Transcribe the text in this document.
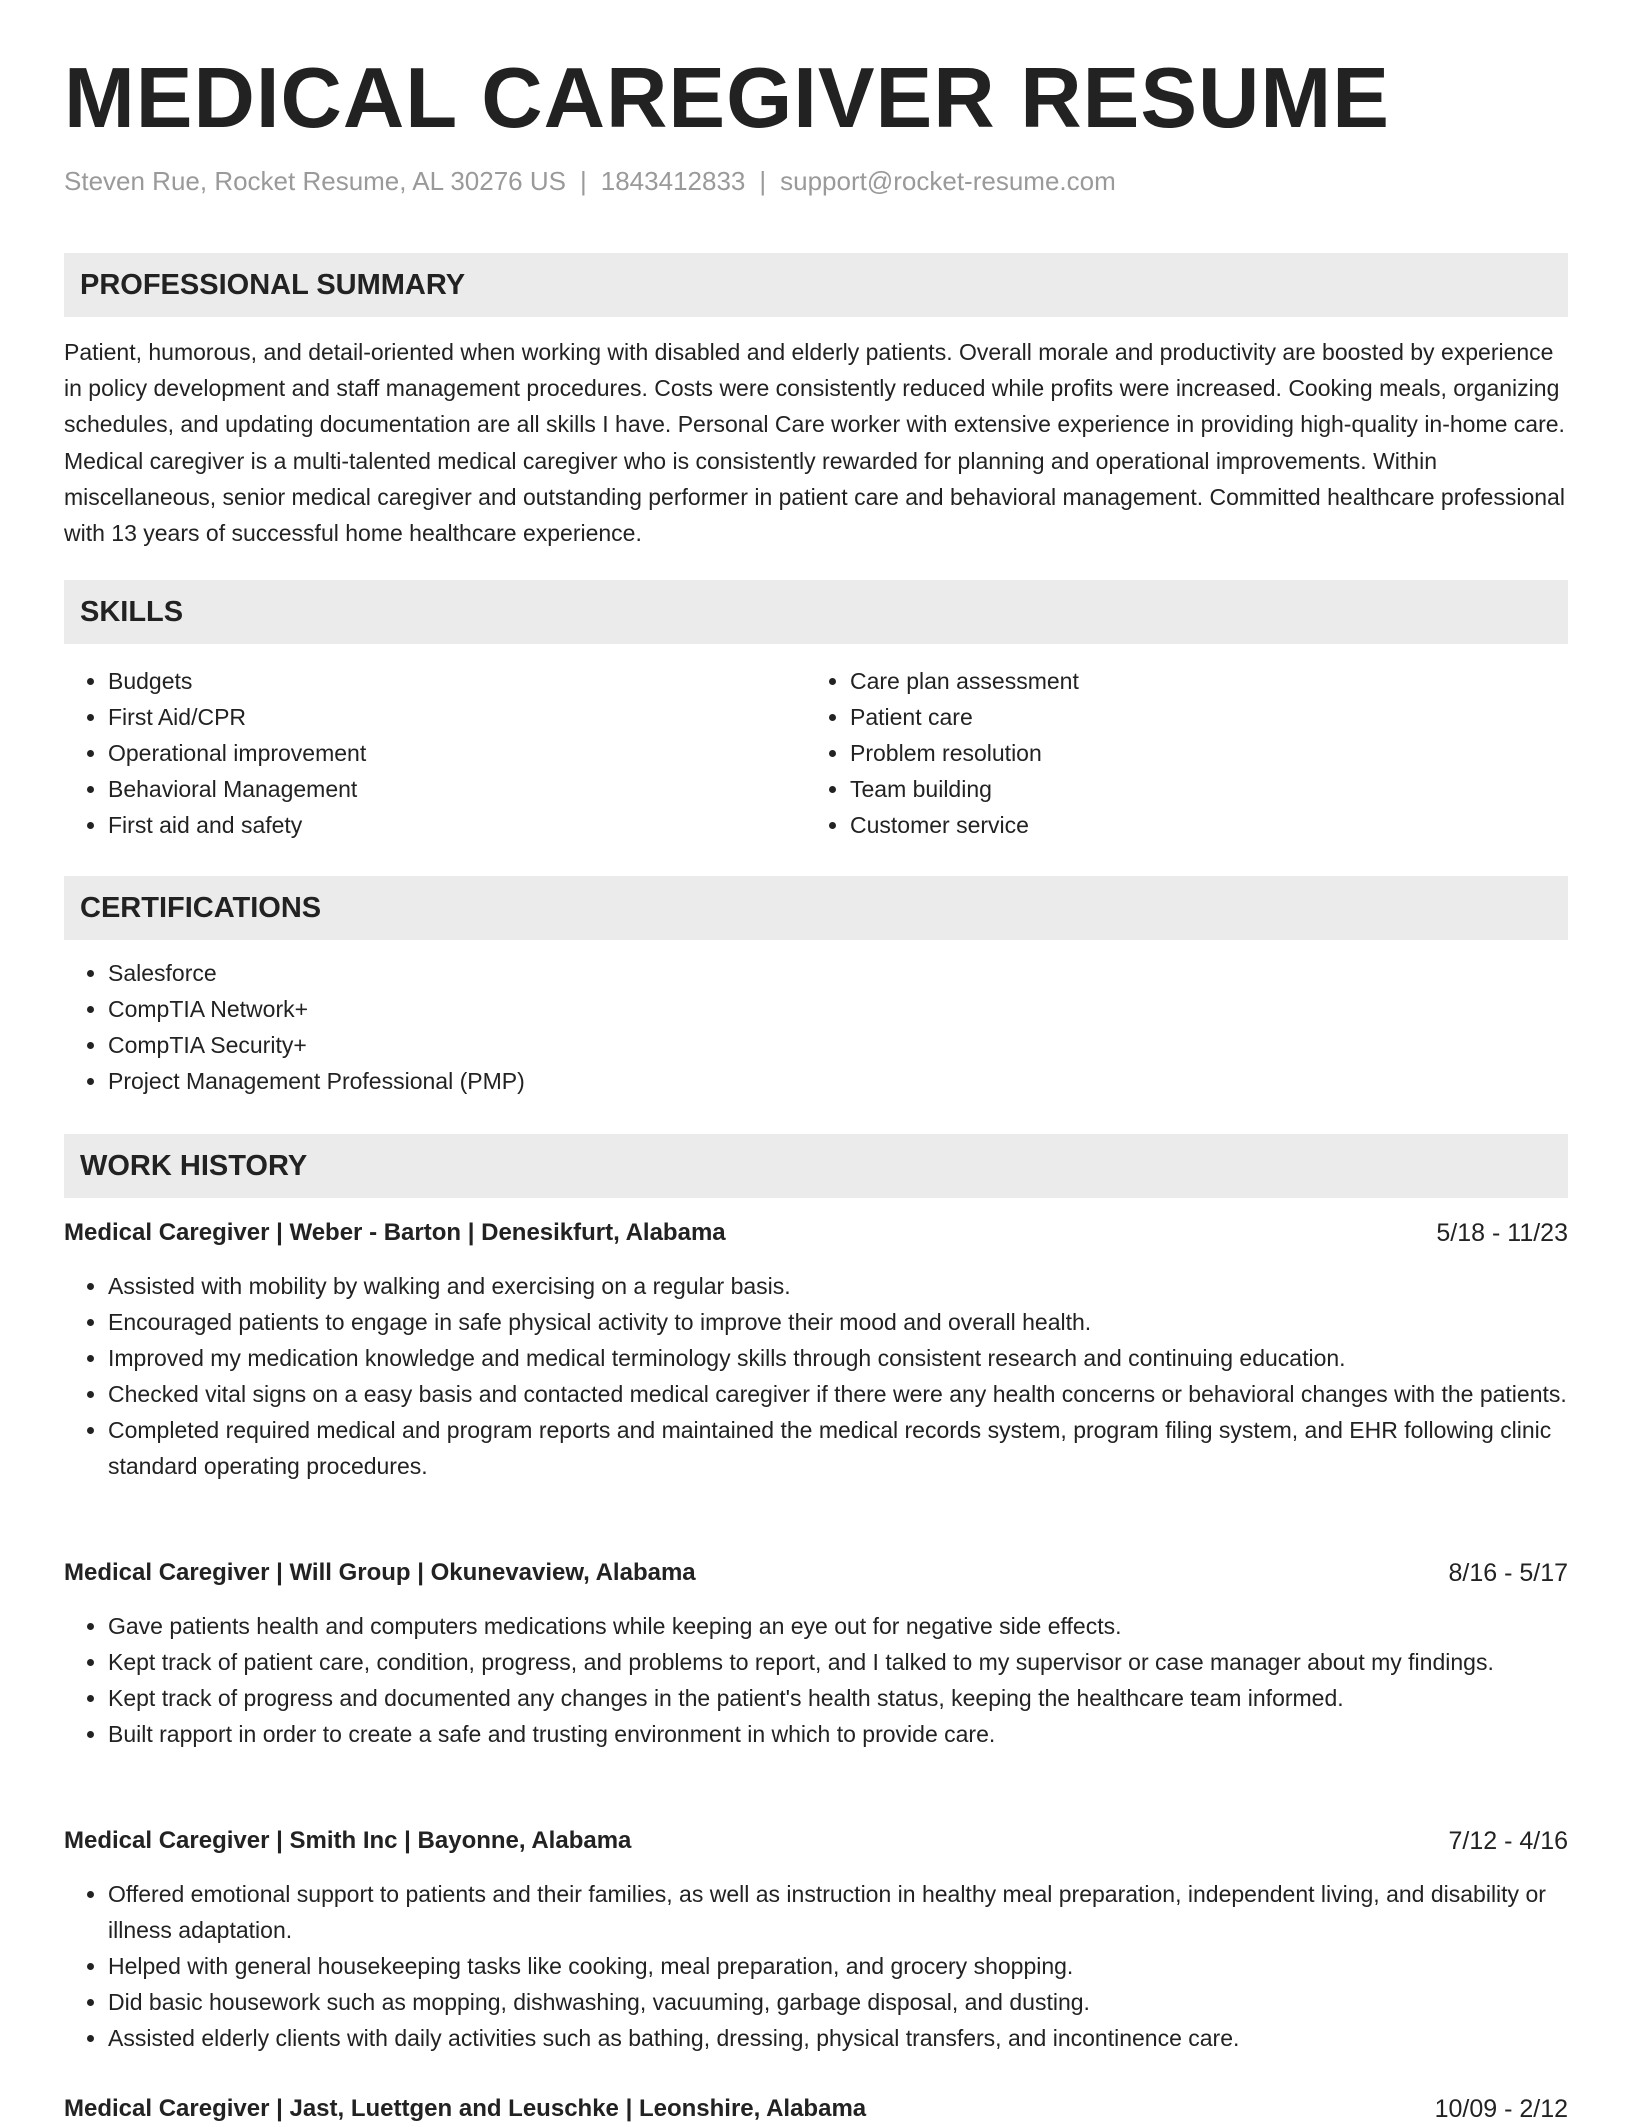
MEDICAL CAREGIVER RESUME
Steven Rue, Rocket Resume, AL 30276 US | 1843412833 | support@rocket-resume.com
PROFESSIONAL SUMMARY

Patient, humorous, and detail-oriented when working with disabled and elderly patients. Overall morale and productivity are boosted by experience in policy development and staff management procedures. Costs were consistently reduced while profits were increased. Cooking meals, organizing schedules, and updating documentation are all skills I have. Personal Care worker with extensive experience in providing high-quality in-home care. Medical caregiver is a multi-talented medical caregiver who is consistently rewarded for planning and operational improvements. Within miscellaneous, senior medical caregiver and outstanding performer in patient care and behavioral management. Committed healthcare professional with 13 years of successful home healthcare experience.

SKILLS
• Budgets
• First Aid/CPR
• Operational improvement
• Behavioral Management
• First aid and safety
• Care plan assessment
• Patient care
• Problem resolution
• Team building
• Customer service
CERTIFICATIONS
• Salesforce
• CompTIA Network+
• CompTIA Security+
• Project Management Professional (PMP)
WORK HISTORY
Medical Caregiver | Weber - Barton | Denesikfurt, Alabama	5/18 - 11/23
• Assisted with mobility by walking and exercising on a regular basis.
• Encouraged patients to engage in safe physical activity to improve their mood and overall health.
• Improved my medication knowledge and medical terminology skills through consistent research and continuing education.
• Checked vital signs on a easy basis and contacted medical caregiver if there were any health concerns or behavioral changes with the patients.
• Completed required medical and program reports and maintained the medical records system, program filing system, and EHR following clinic standard operating procedures.
Medical Caregiver | Will Group | Okunevaview, Alabama	8/16 - 5/17
• Gave patients health and computers medications while keeping an eye out for negative side effects.
• Kept track of patient care, condition, progress, and problems to report, and I talked to my supervisor or case manager about my findings.
• Kept track of progress and documented any changes in the patient's health status, keeping the healthcare team informed.
• Built rapport in order to create a safe and trusting environment in which to provide care.
Medical Caregiver | Smith Inc | Bayonne, Alabama	7/12 - 4/16
• Offered emotional support to patients and their families, as well as instruction in healthy meal preparation, independent living, and disability or illness adaptation.
• Helped with general housekeeping tasks like cooking, meal preparation, and grocery shopping.
• Did basic housework such as mopping, dishwashing, vacuuming, garbage disposal, and dusting.
• Assisted elderly clients with daily activities such as bathing, dressing, physical transfers, and incontinence care.
Medical Caregiver | Jast, Luettgen and Leuschke | Leonshire, Alabama	10/09 - 2/12
